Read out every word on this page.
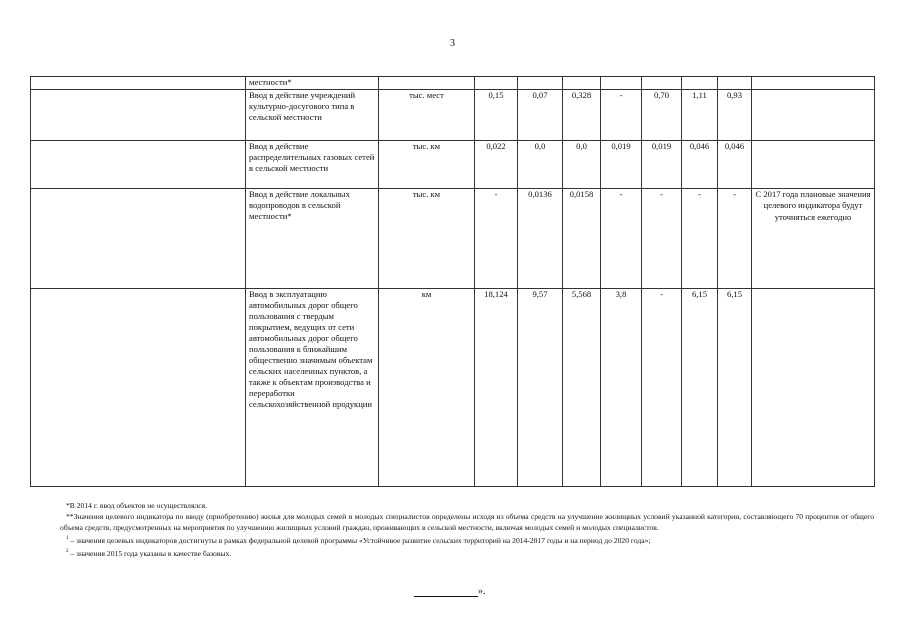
3
	местности*									
	Ввод в действие учреждений культурно-досугового типа в сельской местности	тыс. мест	0,15	0,07	0,328	-	0,70	1,11	0,93	
	Ввод в действие распределительных газовых сетей в сельской местности	тыс. км	0,022	0,0	0,0	0,019	0,019	0,046	0,046	
	Ввод в действие локальных водопроводов в сельской местности*	тыс. км	-	0,0136	0,0158	-	-	-	-	С 2017 года плановые значения целевого индикатора будут уточняться ежегодно
	Ввод в эксплуатацию автомобильных дорог общего пользования с твердым покрытием, ведущих от сети автомобильных дорог общего пользования к ближайшим общественно значимым объектам сельских населенных пунктов, а также к объектам производства и переработки сельскохозяйственной продукции	км	18,124	9,57	5,568	3,8	-	6,15	6,15	

*В 2014 г. ввод объектов не осуществлялся.

**Значения целевого индикатора по вводу (приобретению) жилья для молодых семей и молодых специалистов определены исходя из объема средств на улучшение жилищных условий указанной категории, составляющего 70 процентов от общего объема средств, предусмотренных на мероприятия по улучшению жилищных условий граждан, проживающих в сельской местности, включая молодых семей и молодых специалистов.

$^1$ – значения целевых индикаторов достигнуты в рамках федеральной целевой программы «Устойчивое развитие сельских территорий на 2014-2017 годы и на период до 2020 года»;

$^2$ – значения 2015 года указаны в качестве базовых.

».
